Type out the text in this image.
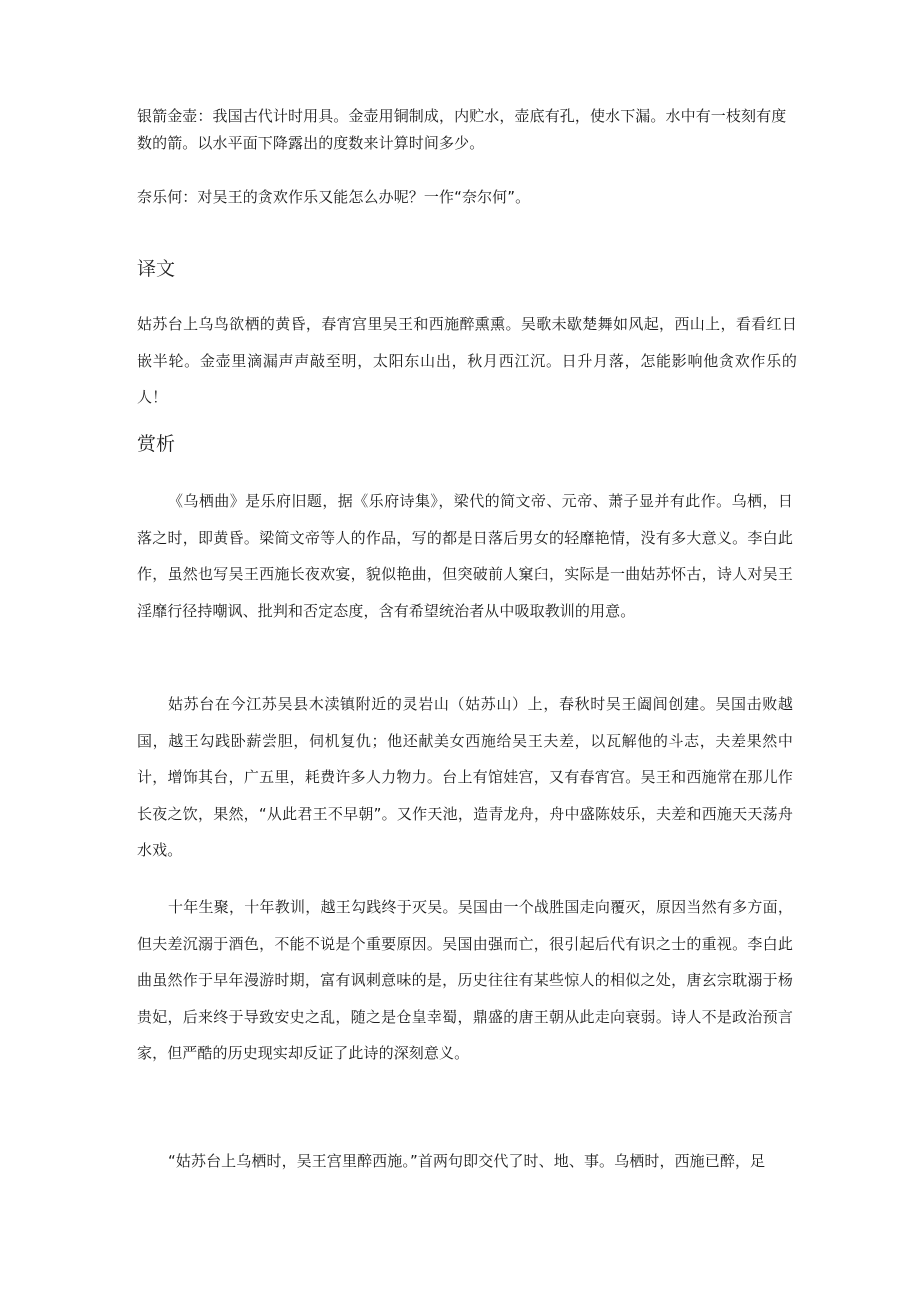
银箭金壶：我国古代计时用具。金壶用铜制成，内贮水，壶底有孔，使水下漏。水中有一枝刻有度数的箭。以水平面下降露出的度数来计算时间多少。
奈乐何：对吴王的贪欢作乐又能怎么办呢？一作“奈尔何”。
译文
姑苏台上乌鸟欲栖的黄昏，春宵宫里吴王和西施醉熏熏。吴歌未歇楚舞如风起，西山上，看看红日嵌半轮。金壶里滴漏声声敲至明，太阳东山出，秋月西江沉。日升月落，怎能影响他贪欢作乐的人！
赏析
《乌栖曲》是乐府旧题，据《乐府诗集》，梁代的简文帝、元帝、萧子显并有此作。乌栖，日落之时，即黄昏。梁简文帝等人的作品，写的都是日落后男女的轻靡艳情，没有多大意义。李白此作，虽然也写吴王西施长夜欢宴，貌似艳曲，但突破前人窠臼，实际是一曲姑苏怀古，诗人对吴王淫靡行径持嘲讽、批判和否定态度，含有希望统治者从中吸取教训的用意。
姑苏台在今江苏吴县木渎镇附近的灵岩山（姑苏山）上，春秋时吴王阖闾创建。吴国击败越国，越王勾践卧薪尝胆，伺机复仇；他还献美女西施给吴王夫差，以瓦解他的斗志，夫差果然中计，增饰其台，广五里，耗费许多人力物力。台上有馆娃宫，又有春宵宫。吴王和西施常在那儿作长夜之饮，果然，“从此君王不早朝”。又作天池，造青龙舟，舟中盛陈妓乐，夫差和西施天天荡舟水戏。
十年生聚，十年教训，越王勾践终于灭吴。吴国由一个战胜国走向覆灭，原因当然有多方面，但夫差沉溺于酒色，不能不说是个重要原因。吴国由强而亡，很引起后代有识之士的重视。李白此曲虽然作于早年漫游时期，富有讽刺意味的是，历史往往有某些惊人的相似之处，唐玄宗耽溺于杨贵妃，后来终于导致安史之乱，随之是仓皇幸蜀，鼎盛的唐王朝从此走向衰弱。诗人不是政治预言家，但严酷的历史现实却反证了此诗的深刻意义。
“姑苏台上乌栖时，吴王宫里醉西施。”首两句即交代了时、地、事。乌栖时，西施已醉，足
